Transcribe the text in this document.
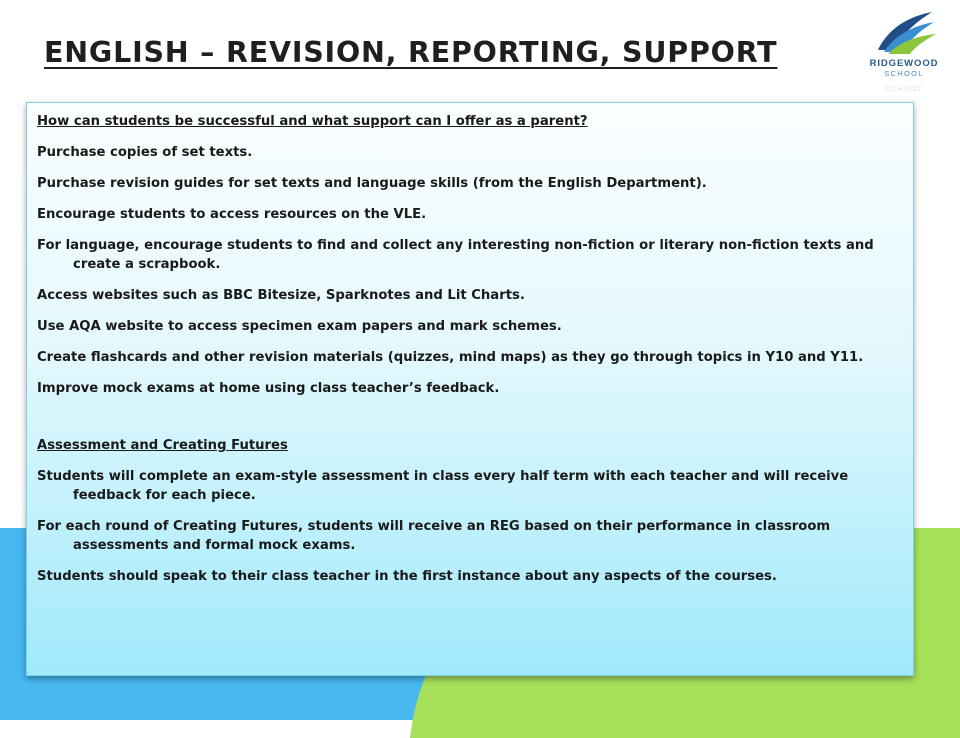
ENGLISH – REVISION, REPORTING, SUPPORT	RIDGEWOOD
SCHOOL
SCHOOL

How can students be successful and what support can I offer as a parent?

Purchase copies of set texts.

Purchase revision guides for set texts and language skills (from the English Department).

Encourage students to access resources on the VLE.

For language, encourage students to find and collect any interesting non-fiction or literary non-fiction texts and create a scrapbook.

Access websites such as BBC Bitesize, Sparknotes and Lit Charts.

Use AQA website to access specimen exam papers and mark schemes.

Create flashcards and other revision materials (quizzes, mind maps) as they go through topics in Y10 and Y11.

Improve mock exams at home using class teacher’s feedback.

Assessment and Creating Futures

Students will complete an exam-style assessment in class every half term with each teacher and will receive feedback for each piece.

For each round of Creating Futures, students will receive an REG based on their performance in classroom assessments and formal mock exams.

Students should speak to their class teacher in the first instance about any aspects of the courses.
